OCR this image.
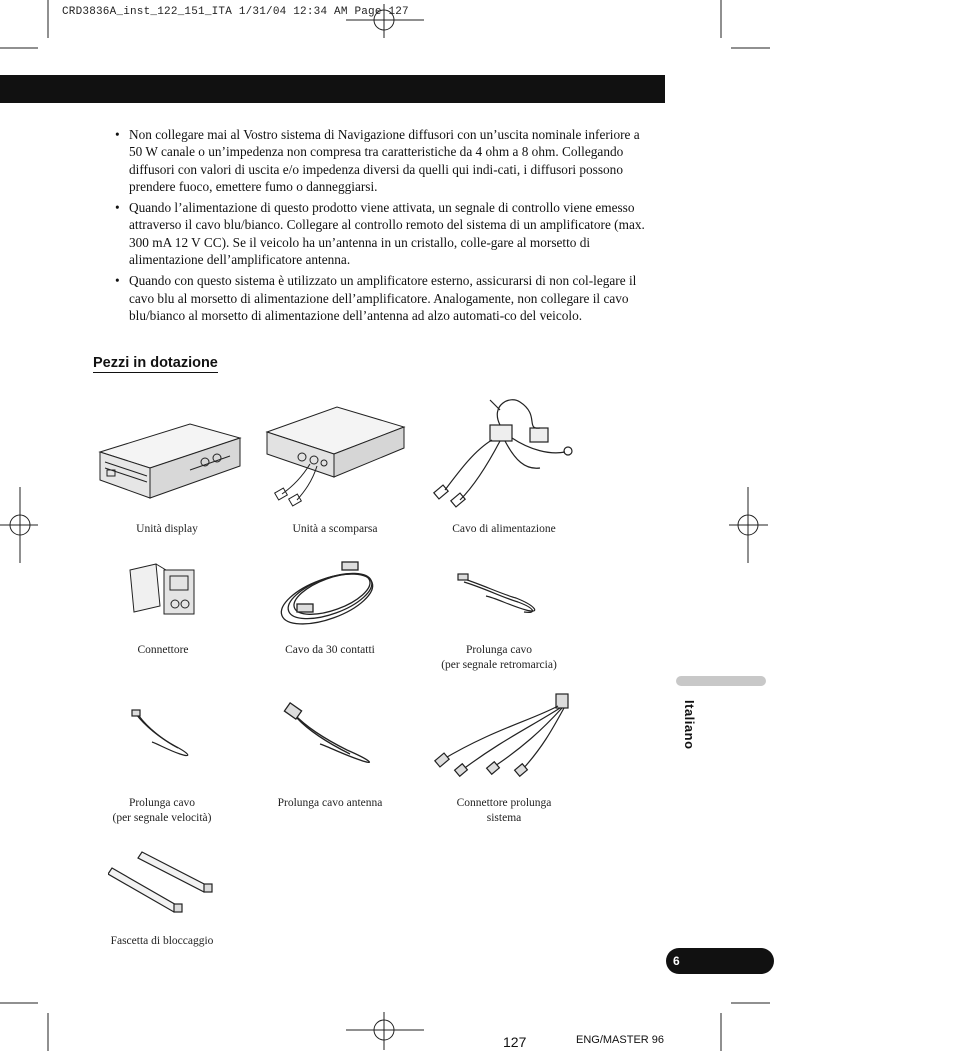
CRD3836A_inst_122_151_ITA 1/31/04 12:34 AM Page 127
• Non collegare mai al Vostro sistema di Navigazione diffusori con un’uscita nominale inferiore a 50 W canale o un’impedenza non compresa tra caratteristiche da 4 ohm a 8 ohm. Collegando diffusori con valori di uscita e/o impedenza diversi da quelli qui indi-cati, i diffusori possono prendere fuoco, emettere fumo o danneggiarsi.
• Quando l’alimentazione di questo prodotto viene attivata, un segnale di controllo viene emesso attraverso il cavo blu/bianco. Collegare al controllo remoto del sistema di un amplificatore (max. 300 mA 12 V CC). Se il veicolo ha un’antenna in un cristallo, colle-gare al morsetto di alimentazione dell’amplificatore antenna.
• Quando con questo sistema è utilizzato un amplificatore esterno, assicurarsi di non col-legare il cavo blu al morsetto di alimentazione dell’amplificatore. Analogamente, non collegare il cavo blu/bianco al morsetto di alimentazione dell’antenna ad alzo automati-co del veicolo.
Pezzi in dotazione
Unità display	Unità a scomparsa	Cavo di alimentazione
Connettore	Cavo da 30 contatti	Prolunga cavo
(per segnale retromarcia)
Prolunga cavo
(per segnale velocità)
Prolunga cavo antenna	Connettore prolunga
sistema
Fascetta di bloccaggio
Italiano
6
127	ENG/MASTER 96
